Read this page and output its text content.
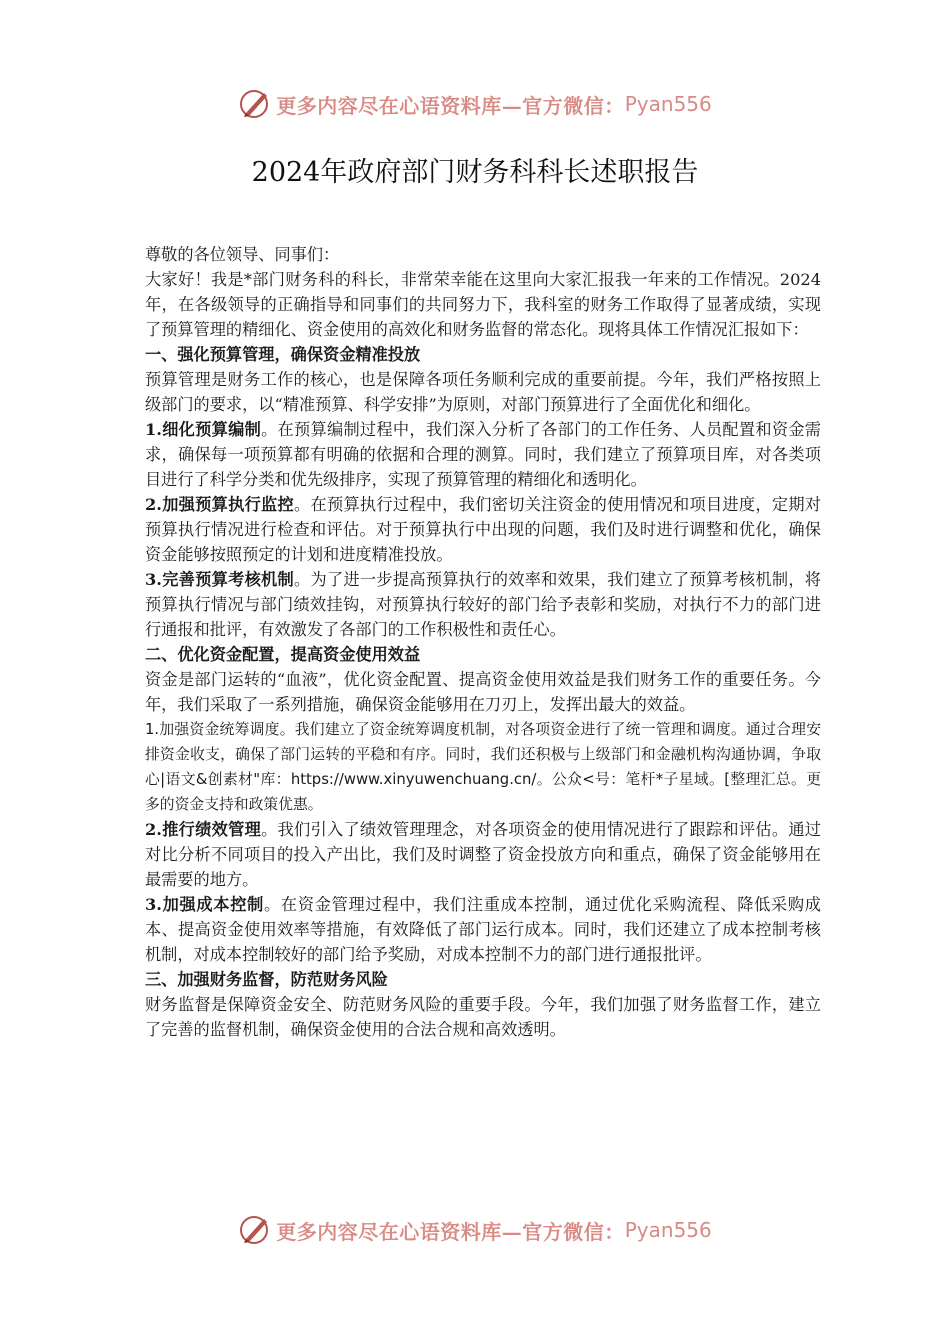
更多内容尽在心语资料库—官方微信： Pyan556
2024年政府部门财务科科长述职报告

尊敬的各位领导、同事们：

大家好！我是*部门财务科的科长，非常荣幸能在这里向大家汇报我一年来的工作情况。2024年，在各级领导的正确指导和同事们的共同努力下，我科室的财务工作取得了显著成绩，实现了预算管理的精细化、资金使用的高效化和财务监督的常态化。现将具体工作情况汇报如下：

一、强化预算管理，确保资金精准投放

预算管理是财务工作的核心，也是保障各项任务顺利完成的重要前提。今年，我们严格按照上级部门的要求，以“精准预算、科学安排”为原则，对部门预算进行了全面优化和细化。

1.细化预算编制。在预算编制过程中，我们深入分析了各部门的工作任务、人员配置和资金需求，确保每一项预算都有明确的依据和合理的测算。同时，我们建立了预算项目库，对各类项目进行了科学分类和优先级排序，实现了预算管理的精细化和透明化。

2.加强预算执行监控。在预算执行过程中，我们密切关注资金的使用情况和项目进度，定期对预算执行情况进行检查和评估。对于预算执行中出现的问题，我们及时进行调整和优化，确保资金能够按照预定的计划和进度精准投放。

3.完善预算考核机制。为了进一步提高预算执行的效率和效果，我们建立了预算考核机制，将预算执行情况与部门绩效挂钩，对预算执行较好的部门给予表彰和奖励，对执行不力的部门进行通报和批评，有效激发了各部门的工作积极性和责任心。

二、优化资金配置，提高资金使用效益

资金是部门运转的“血液”，优化资金配置、提高资金使用效益是我们财务工作的重要任务。今年，我们采取了一系列措施，确保资金能够用在刀刃上，发挥出最大的效益。

1.加强资金统筹调度。我们建立了资金统筹调度机制，对各项资金进行了统一管理和调度。通过合理安排资金收支，确保了部门运转的平稳和有序。同时，我们还积极与上级部门和金融机构沟通协调，争取心|语文&创素材"库：https://www.xinyuwenchuang.cn/。公众<号：笔杆*子星域。[整理汇总。更多的资金支持和政策优惠。

2.推行绩效管理。我们引入了绩效管理理念，对各项资金的使用情况进行了跟踪和评估。通过对比分析不同项目的投入产出比，我们及时调整了资金投放方向和重点，确保了资金能够用在最需要的地方。

3.加强成本控制。在资金管理过程中，我们注重成本控制，通过优化采购流程、降低采购成本、提高资金使用效率等措施，有效降低了部门运行成本。同时，我们还建立了成本控制考核机制，对成本控制较好的部门给予奖励，对成本控制不力的部门进行通报批评。

三、加强财务监督，防范财务风险

财务监督是保障资金安全、防范财务风险的重要手段。今年，我们加强了财务监督工作，建立了完善的监督机制，确保资金使用的合法合规和高效透明。

更多内容尽在心语资料库—官方微信： Pyan556
